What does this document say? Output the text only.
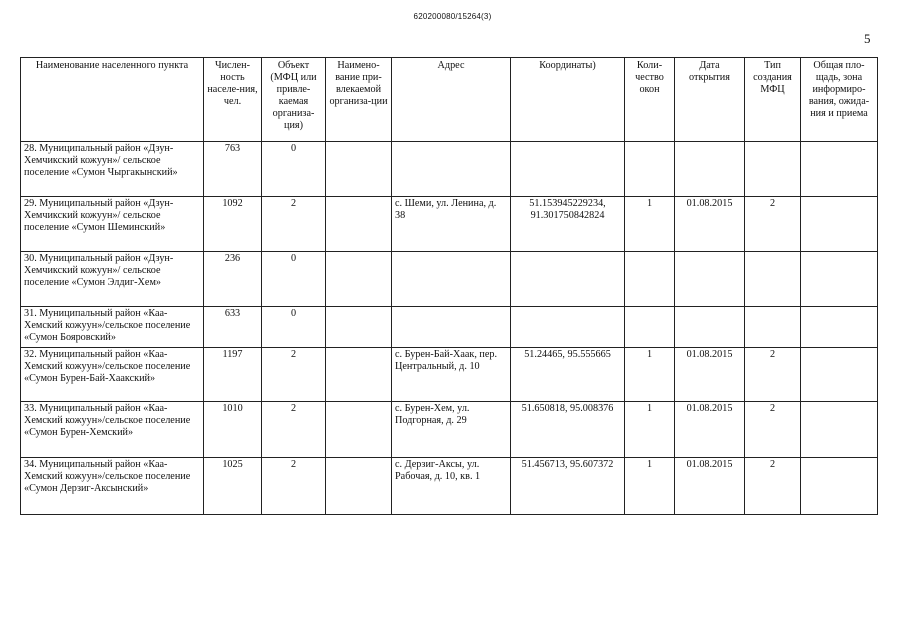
620200080/15264(3)
5
Наименование населенного пункта	Числен-ность населе-ния, чел.	Объект (МФЦ или привле-каемая организа-ция)	Наимено-вание при-влекаемой организа-ции	Адрес	Координаты)	Коли-чество окон	Дата открытия	Тип создания МФЦ	Общая пло-щадь, зона информиро-вания, ожида-ния и приема
28. Муниципальный район «Дзун-Хемчикский кожуун»/ сельское поселение «Сумон Чыргакынский»	763	0							
29. Муниципальный район «Дзун-Хемчикский кожуун»/ сельское поселение «Сумон Шеминский»	1092	2		с. Шеми, ул. Ленина, д. 38	51.153945229234, 91.301750842824	1	01.08.2015	2	
30. Муниципальный район «Дзун-Хемчикский кожуун»/ сельское поселение «Сумон Элдиг-Хем»	236	0							
31. Муниципальный район «Каа-Хемский кожуун»/сельское поселение «Сумон Бояровский»	633	0							
32. Муниципальный район «Каа-Хемский кожуун»/сельское поселение «Сумон Бурен-Бай-Хаакский»	1197	2		с. Бурен-Бай-Хаак, пер. Центральный, д. 10	51.24465, 95.555665	1	01.08.2015	2	
33. Муниципальный район «Каа-Хемский кожуун»/сельское поселение «Сумон Бурен-Хемский»	1010	2		с. Бурен-Хем, ул. Подгорная, д. 29	51.650818, 95.008376	1	01.08.2015	2	
34. Муниципальный район «Каа-Хемский кожуун»/сельское поселение «Сумон Дерзиг-Аксынский»	1025	2		с. Дерзиг-Аксы, ул. Рабочая, д. 10, кв. 1	51.456713, 95.607372	1	01.08.2015	2	
